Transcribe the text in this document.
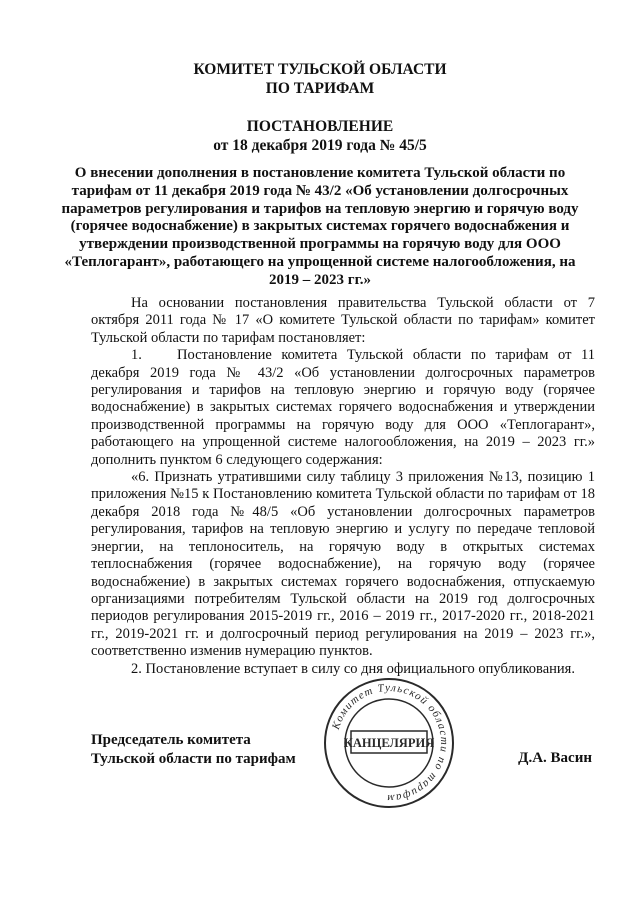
КОМИТЕТ ТУЛЬСКОЙ ОБЛАСТИ
ПО ТАРИФАМ
ПОСТАНОВЛЕНИЕ
от 18 декабря 2019 года № 45/5
О внесении дополнения в постановление комитета Тульской области по тарифам от 11 декабря 2019 года № 43/2 «Об установлении долгосрочных параметров регулирования и тарифов на тепловую энергию и горячую воду (горячее водоснабжение) в закрытых системах горячего водоснабжения и утверждении производственной программы на горячую воду для ООО «Теплогарант», работающего на упрощенной системе налогообложения, на 2019 – 2023 гг.»

На основании постановления правительства Тульской области от 7 октября 2011 года № 17 «О комитете Тульской области по тарифам» комитет Тульской области по тарифам постановляет:

1. Постановление комитета Тульской области по тарифам от 11 декабря 2019 года № 43/2 «Об установлении долгосрочных параметров регулирования и тарифов на тепловую энергию и горячую воду (горячее водоснабжение) в закрытых системах горячего водоснабжения и утверждении производственной программы на горячую воду для ООО «Теплогарант», работающего на упрощенной системе налогообложения, на 2019 – 2023 гг.» дополнить пунктом 6 следующего содержания:

«6. Признать утратившими силу таблицу 3 приложения №13, позицию 1 приложения №15 к Постановлению комитета Тульской области по тарифам от 18 декабря 2018 года №48/5 «Об установлении долгосрочных параметров регулирования, тарифов на тепловую энергию и услугу по передаче тепловой энергии, на теплоноситель, на горячую воду в открытых системах теплоснабжения (горячее водоснабжение), на горячую воду (горячее водоснабжение) в закрытых системах горячего водоснабжения, отпускаемую организациями потребителям Тульской области на 2019 год долгосрочных периодов регулирования 2015-2019 гг., 2016 – 2019 гг., 2017-2020 гг., 2018-2021 гг., 2019-2021 гг. и долгосрочный период регулирования на 2019 – 2023 гг.», соответственно изменив нумерацию пунктов.

2. Постановление вступает в силу со дня официального опубликования.

Председатель комитета
Тульской области по тарифам	Д.А. Васин
Комитет Тульской области по тарифам
КАНЦЕЛЯРИЯ
